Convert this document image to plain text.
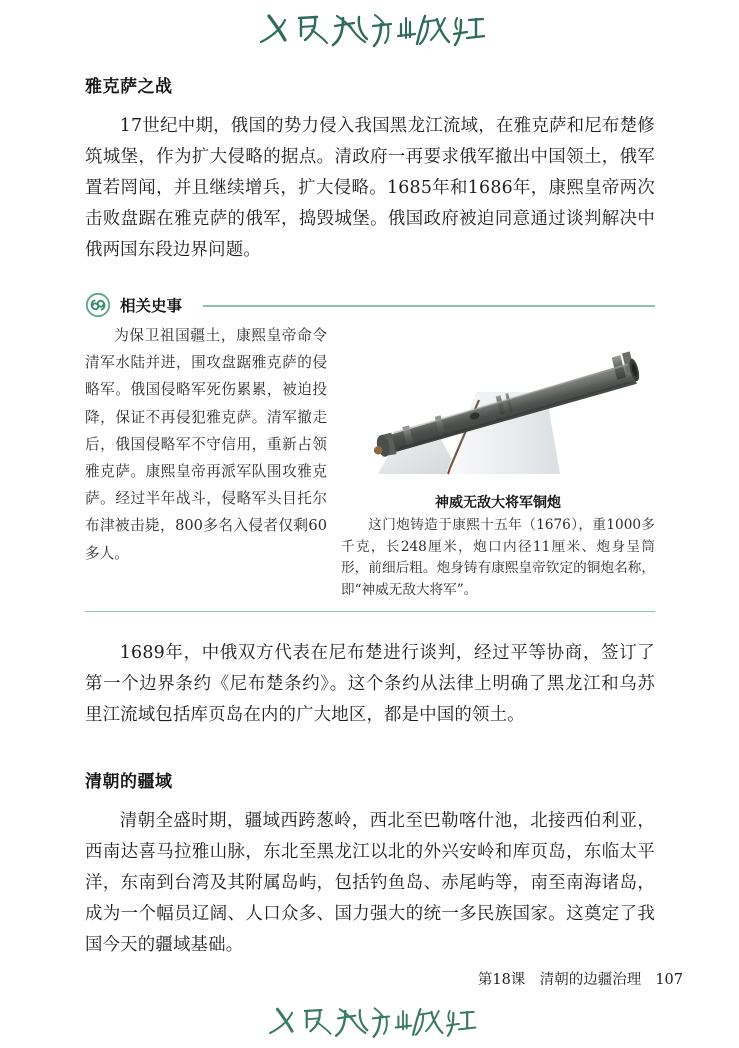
雅克萨之战

17世纪中期，俄国的势力侵入我国黑龙江流域，在雅克萨和尼布楚修筑城堡，作为扩大侵略的据点。清政府一再要求俄军撤出中国领土，俄军置若罔闻，并且继续增兵，扩大侵略。1685年和1686年，康熙皇帝两次击败盘踞在雅克萨的俄军，捣毁城堡。俄国政府被迫同意通过谈判解决中俄两国东段边界问题。

相关史事

为保卫祖国疆土，康熙皇帝命令清军水陆并进，围攻盘踞雅克萨的侵略军。俄国侵略军死伤累累，被迫投降，保证不再侵犯雅克萨。清军撤走后，俄国侵略军不守信用，重新占领雅克萨。康熙皇帝再派军队围攻雅克萨。经过半年战斗，侵略军头目托尔布津被击毙，800多名入侵者仅剩60多人。

神威无敌大将军铜炮

这门炮铸造于康熙十五年（1676），重1000多千克，长248厘米，炮口内径11厘米、炮身呈筒形，前细后粗。炮身铸有康熙皇帝钦定的铜炮名称，即“神威无敌大将军”。

1689年，中俄双方代表在尼布楚进行谈判，经过平等协商，签订了第一个边界条约《尼布楚条约》。这个条约从法律上明确了黑龙江和乌苏里江流域包括库页岛在内的广大地区，都是中国的领土。

清朝的疆域

清朝全盛时期，疆域西跨葱岭，西北至巴勒喀什池，北接西伯利亚，西南达喜马拉雅山脉，东北至黑龙江以北的外兴安岭和库页岛，东临太平洋，东南到台湾及其附属岛屿，包括钓鱼岛、赤尾屿等，南至南海诸岛，成为一个幅员辽阔、人口众多、国力强大的统一多民族国家。这奠定了我国今天的疆域基础。

第18课　清朝的边疆治理 107
